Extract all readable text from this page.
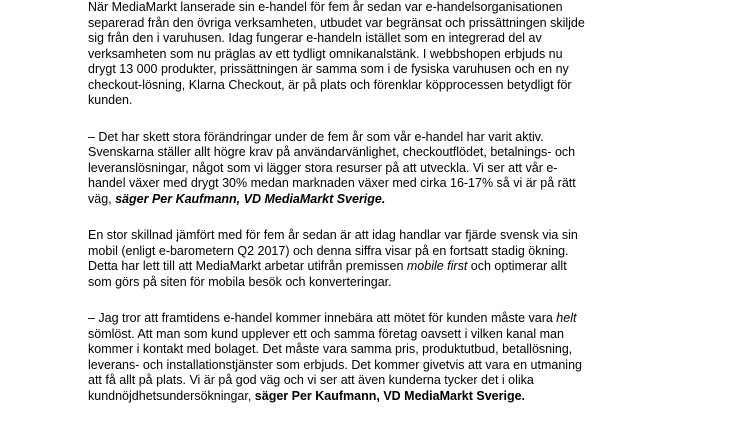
När MediaMarkt lanserade sin e-handel för fem år sedan var e-handelsorganisationen
separerad från den övriga verksamheten, utbudet var begränsat och prissättningen skiljde
sig från den i varuhusen. Idag fungerar e-handeln istället som en integrerad del av
verksamheten som nu präglas av ett tydligt omnikanalstänk. I webbshopen erbjuds nu
drygt 13 000 produkter, prissättningen är samma som i de fysiska varuhusen och en ny
checkout-lösning, Klarna Checkout, är på plats och förenklar köpprocessen betydligt för
kunden.
– Det har skett stora förändringar under de fem år som vår e-handel har varit aktiv.
Svenskarna ställer allt högre krav på användarvänlighet, checkoutflödet, betalnings- och
leveranslösningar, något som vi lägger stora resurser på att utveckla. Vi ser att vår e-
handel växer med drygt 30% medan marknaden växer med cirka 16-17% så vi är på rätt
väg, säger Per Kaufmann, VD MediaMarkt Sverige.
En stor skillnad jämfört med för fem år sedan är att idag handlar var fjärde svensk via sin
mobil (enligt e-barometern Q2 2017) och denna siffra visar på en fortsatt stadig ökning.
Detta har lett till att MediaMarkt arbetar utifrån premissen mobile first och optimerar allt
som görs på siten för mobila besök och konverteringar.
– Jag tror att framtidens e-handel kommer innebära att mötet för kunden måste vara helt
sömlöst. Att man som kund upplever ett och samma företag oavsett i vilken kanal man
kommer i kontakt med bolaget. Det måste vara samma pris, produktutbud, betallösning,
leverans- och installationstjänster som erbjuds. Det kommer givetvis att vara en utmaning
att få allt på plats. Vi är på god väg och vi ser att även kunderna tycker det i olika
kundnöjdhetsundersökningar, säger Per Kaufmann, VD MediaMarkt Sverige.
